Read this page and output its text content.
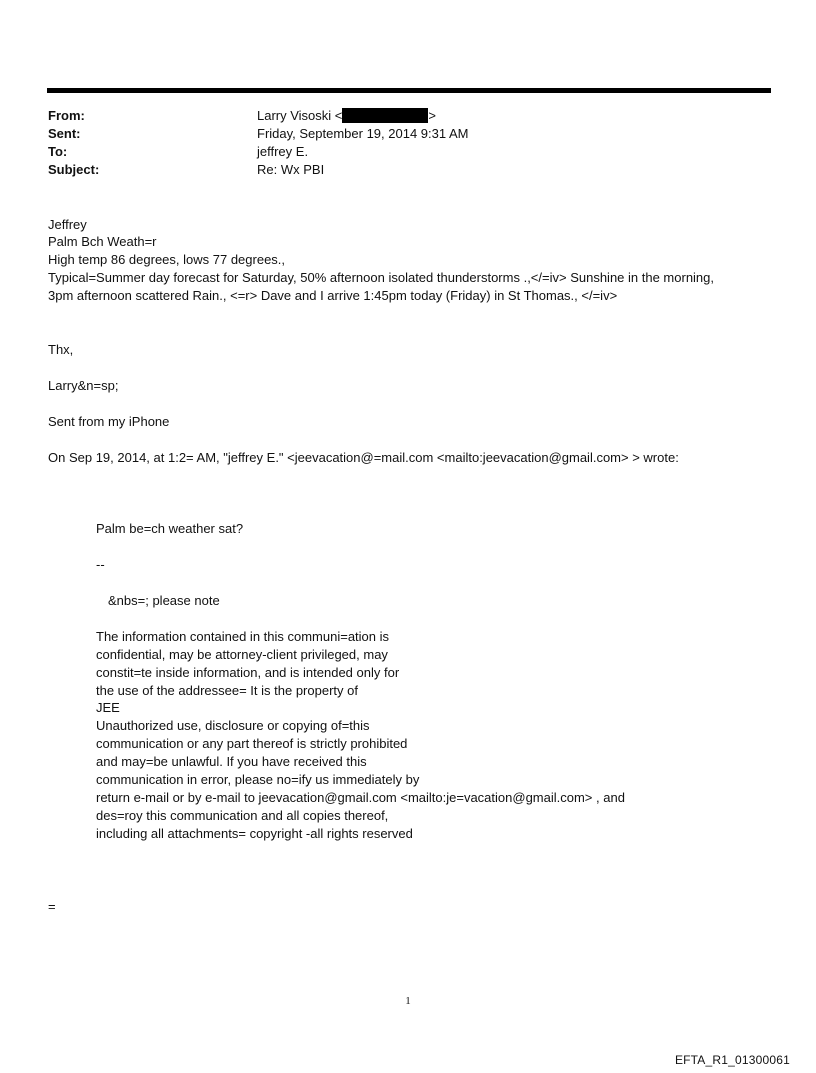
From:
Sent:
To:
Subject:
Larry Visoski <	>
Friday, September 19, 2014 9:31 AM
jeffrey E.
Re: Wx PBI
Jeffrey
Palm Bch Weath=r
High temp 86 degrees, lows 77 degrees.,
Typical=Summer day forecast for Saturday, 50% afternoon isolated thunderstorms .,</=iv> Sunshine in the morning,
3pm afternoon scattered Rain., <=r> Dave and I arrive 1:45pm today (Friday) in St Thomas., </=iv>
Thx,
Larry&n=sp;
Sent from my iPhone
On Sep 19, 2014, at 1:2= AM, "jeffrey E." <jeevacation@=mail.com <mailto:jeevacation@gmail.com> > wrote:
Palm be=ch weather sat?
--
&nbs=; please note
The information contained in this communi=ation is
confidential, may be attorney-client privileged, may
constit=te inside information, and is intended only for
the use of the addressee= It is the property of
JEE
Unauthorized use, disclosure or copying of=this
communication or any part thereof is strictly prohibited
and may=be unlawful. If you have received this
communication in error, please no=ify us immediately by
return e-mail or by e-mail to jeevacation@gmail.com <mailto:je=vacation@gmail.com> , and
des=roy this communication and all copies thereof,
including all attachments= copyright -all rights reserved
=
1
EFTA_R1_01300061
